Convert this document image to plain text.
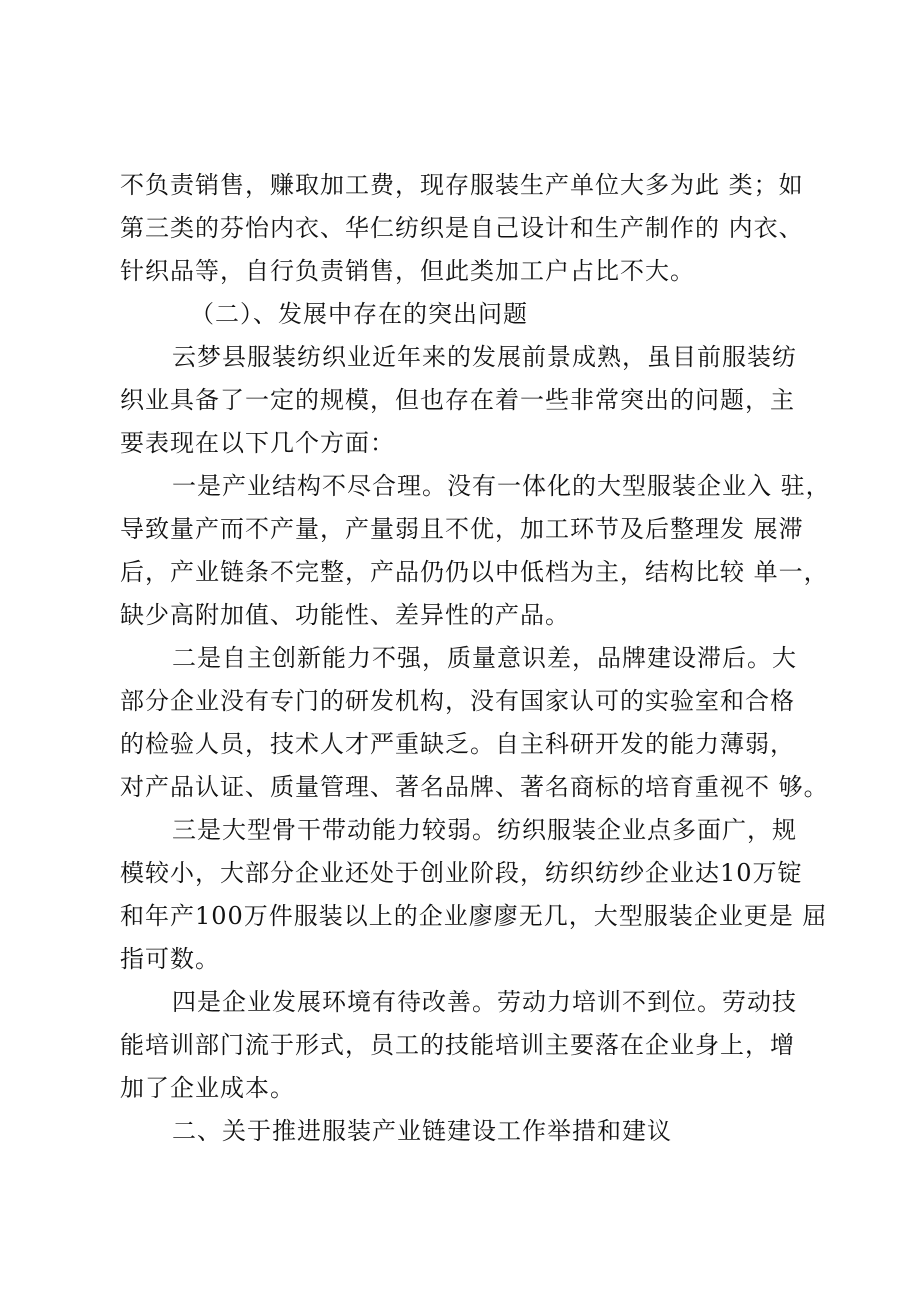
不负责销售，赚取加工费，现存服装生产单位大多为此 类；如
第三类的芬怡内衣、华仁纺织是自己设计和生产制作的 内衣、
针织品等，自行负责销售，但此类加工户占比不大。
（二）、发展中存在的突出问题
云梦县服装纺织业近年来的发展前景成熟，虽目前服装纺
织业具备了一定的规模，但也存在着一些非常突出的问题，主
要表现在以下几个方面：
一是产业结构不尽合理。没有一体化的大型服装企业入 驻，
导致量产而不产量，产量弱且不优，加工环节及后整理发 展滞
后，产业链条不完整，产品仍仍以中低档为主，结构比较 单一，
缺少高附加值、功能性、差异性的产品。
二是自主创新能力不强，质量意识差，品牌建设滞后。大
部分企业没有专门的研发机构，没有国家认可的实验室和合格
的检验人员，技术人才严重缺乏。自主科研开发的能力薄弱，
对产品认证、质量管理、著名品牌、著名商标的培育重视不 够。
三是大型骨干带动能力较弱。纺织服装企业点多面广，规
模较小，大部分企业还处于创业阶段，纺织纺纱企业达10万锭
和年产100万件服装以上的企业廖廖无几，大型服装企业更是 屈
指可数。
四是企业发展环境有待改善。劳动力培训不到位。劳动技
能培训部门流于形式，员工的技能培训主要落在企业身上，增
加了企业成本。
二、关于推进服装产业链建设工作举措和建议
